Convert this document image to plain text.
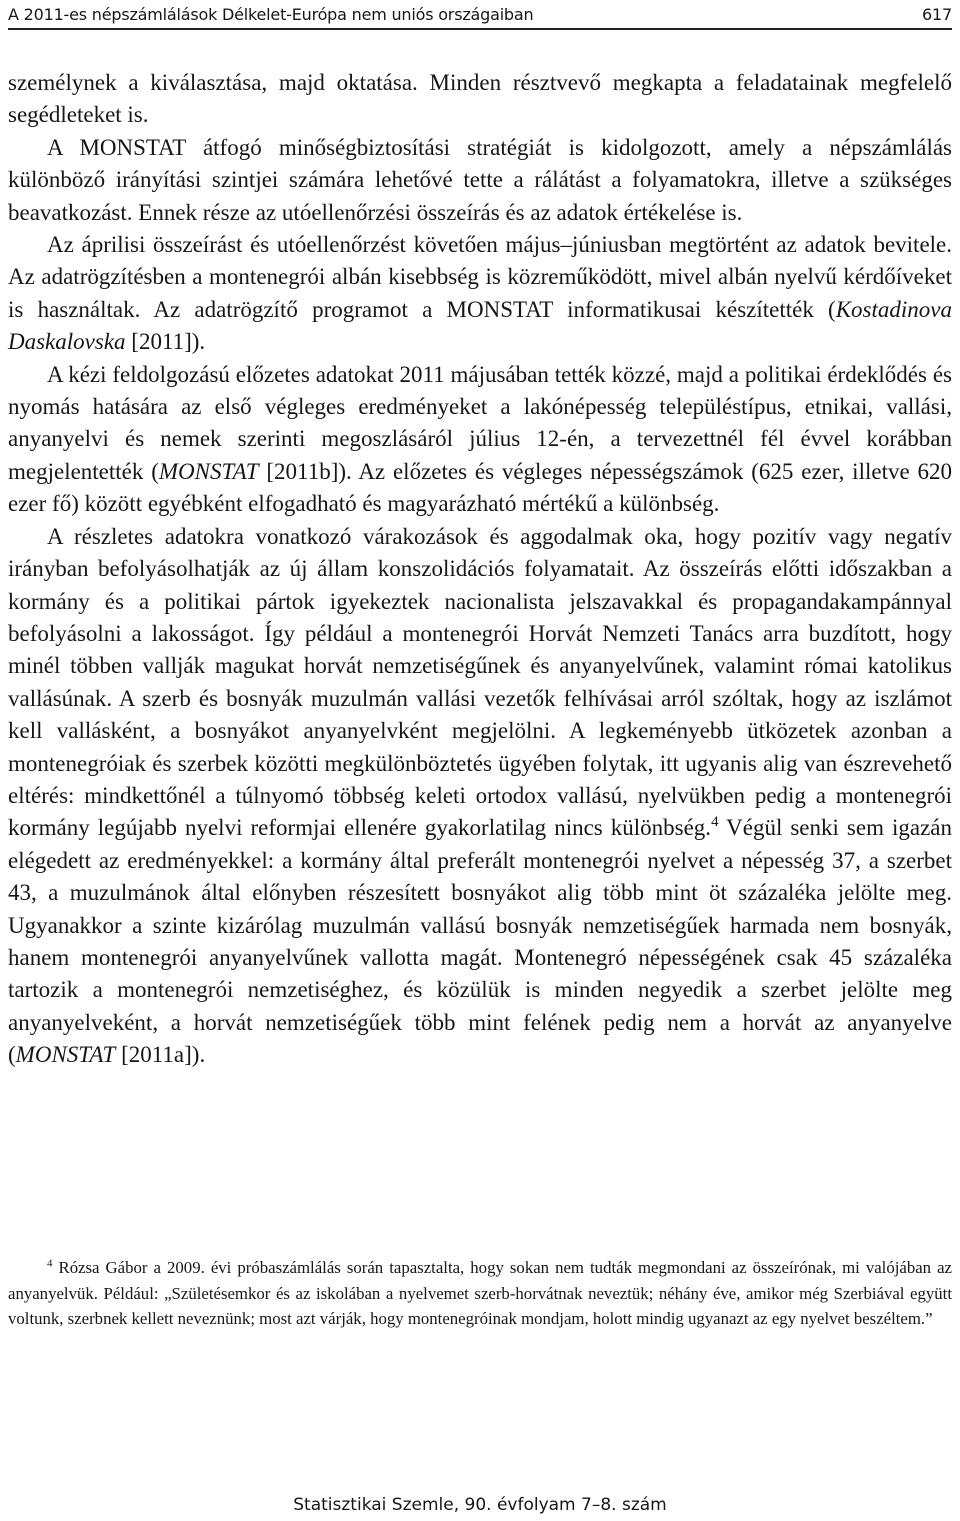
A 2011-es népszámlálások Délkelet-Európa nem uniós országaiban	617

személynek a kiválasztása, majd oktatása. Minden résztvevő megkapta a feladatainak megfelelő segédleteket is.

A MONSTAT átfogó minőségbiztosítási stratégiát is kidolgozott, amely a népszámlálás különböző irányítási szintjei számára lehetővé tette a rálátást a folyamatokra, illetve a szükséges beavatkozást. Ennek része az utóellenőrzési összeírás és az adatok értékelése is.

Az áprilisi összeírást és utóellenőrzést követően május–júniusban megtörtént az adatok bevitele. Az adatrögzítésben a montenegrói albán kisebbség is közreműködött, mivel albán nyelvű kérdőíveket is használtak. Az adatrögzítő programot a MONSTAT informatikusai készítették (Kostadinova Daskalovska [2011]).

A kézi feldolgozású előzetes adatokat 2011 májusában tették közzé, majd a politikai érdeklődés és nyomás hatására az első végleges eredményeket a lakónépesség településtípus, etnikai, vallási, anyanyelvi és nemek szerinti megoszlásáról július 12-én, a tervezettnél fél évvel korábban megjelentették (MONSTAT [2011b]). Az előzetes és végleges népességszámok (625 ezer, illetve 620 ezer fő) között egyébként elfogadható és magyarázható mértékű a különbség.

A részletes adatokra vonatkozó várakozások és aggodalmak oka, hogy pozitív vagy negatív irányban befolyásolhatják az új állam konszolidációs folyamatait. Az összeírás előtti időszakban a kormány és a politikai pártok igyekeztek nacionalista jelszavakkal és propagandakampánnyal befolyásolni a lakosságot. Így például a montenegrói Horvát Nemzeti Tanács arra buzdított, hogy minél többen vallják magukat horvát nemzetiségűnek és anyanyelvűnek, valamint római katolikus vallásúnak. A szerb és bosnyák muzulmán vallási vezetők felhívásai arról szóltak, hogy az iszlámot kell vallásként, a bosnyákot anyanyelvként megjelölni. A legkeményebb ütközetek azonban a montenegróiak és szerbek közötti megkülönböztetés ügyében folytak, itt ugyanis alig van észrevehető eltérés: mindkettőnél a túlnyomó többség keleti ortodox vallású, nyelvükben pedig a montenegrói kormány legújabb nyelvi reformjai ellenére gyakorlatilag nincs különbség.$^4$ Végül senki sem igazán elégedett az eredményekkel: a kormány által preferált montenegrói nyelvet a népesség 37, a szerbet 43, a muzulmánok által előnyben részesített bosnyákot alig több mint öt százaléka jelölte meg. Ugyanakkor a szinte kizárólag muzulmán vallású bosnyák nemzetiségűek harmada nem bosnyák, hanem montenegrói anyanyelvűnek vallotta magát. Montenegró népességének csak 45 százaléka tartozik a montenegrói nemzetiséghez, és közülük is minden negyedik a szerbet jelölte meg anyanyelveként, a horvát nemzetiségűek több mint felének pedig nem a horvát az anyanyelve (MONSTAT [2011a]).

$^4$ Rózsa Gábor a 2009. évi próbaszámlálás során tapasztalta, hogy sokan nem tudták megmondani az összeírónak, mi valójában az anyanyelvük. Például: „Születésemkor és az iskolában a nyelvemet szerb-horvátnak neveztük; néhány éve, amikor még Szerbiával együtt voltunk, szerbnek kellett neveznünk; most azt várják, hogy montenegróinak mondjam, holott mindig ugyanazt az egy nyelvet beszéltem.”

Statisztikai Szemle, 90. évfolyam 7–8. szám
